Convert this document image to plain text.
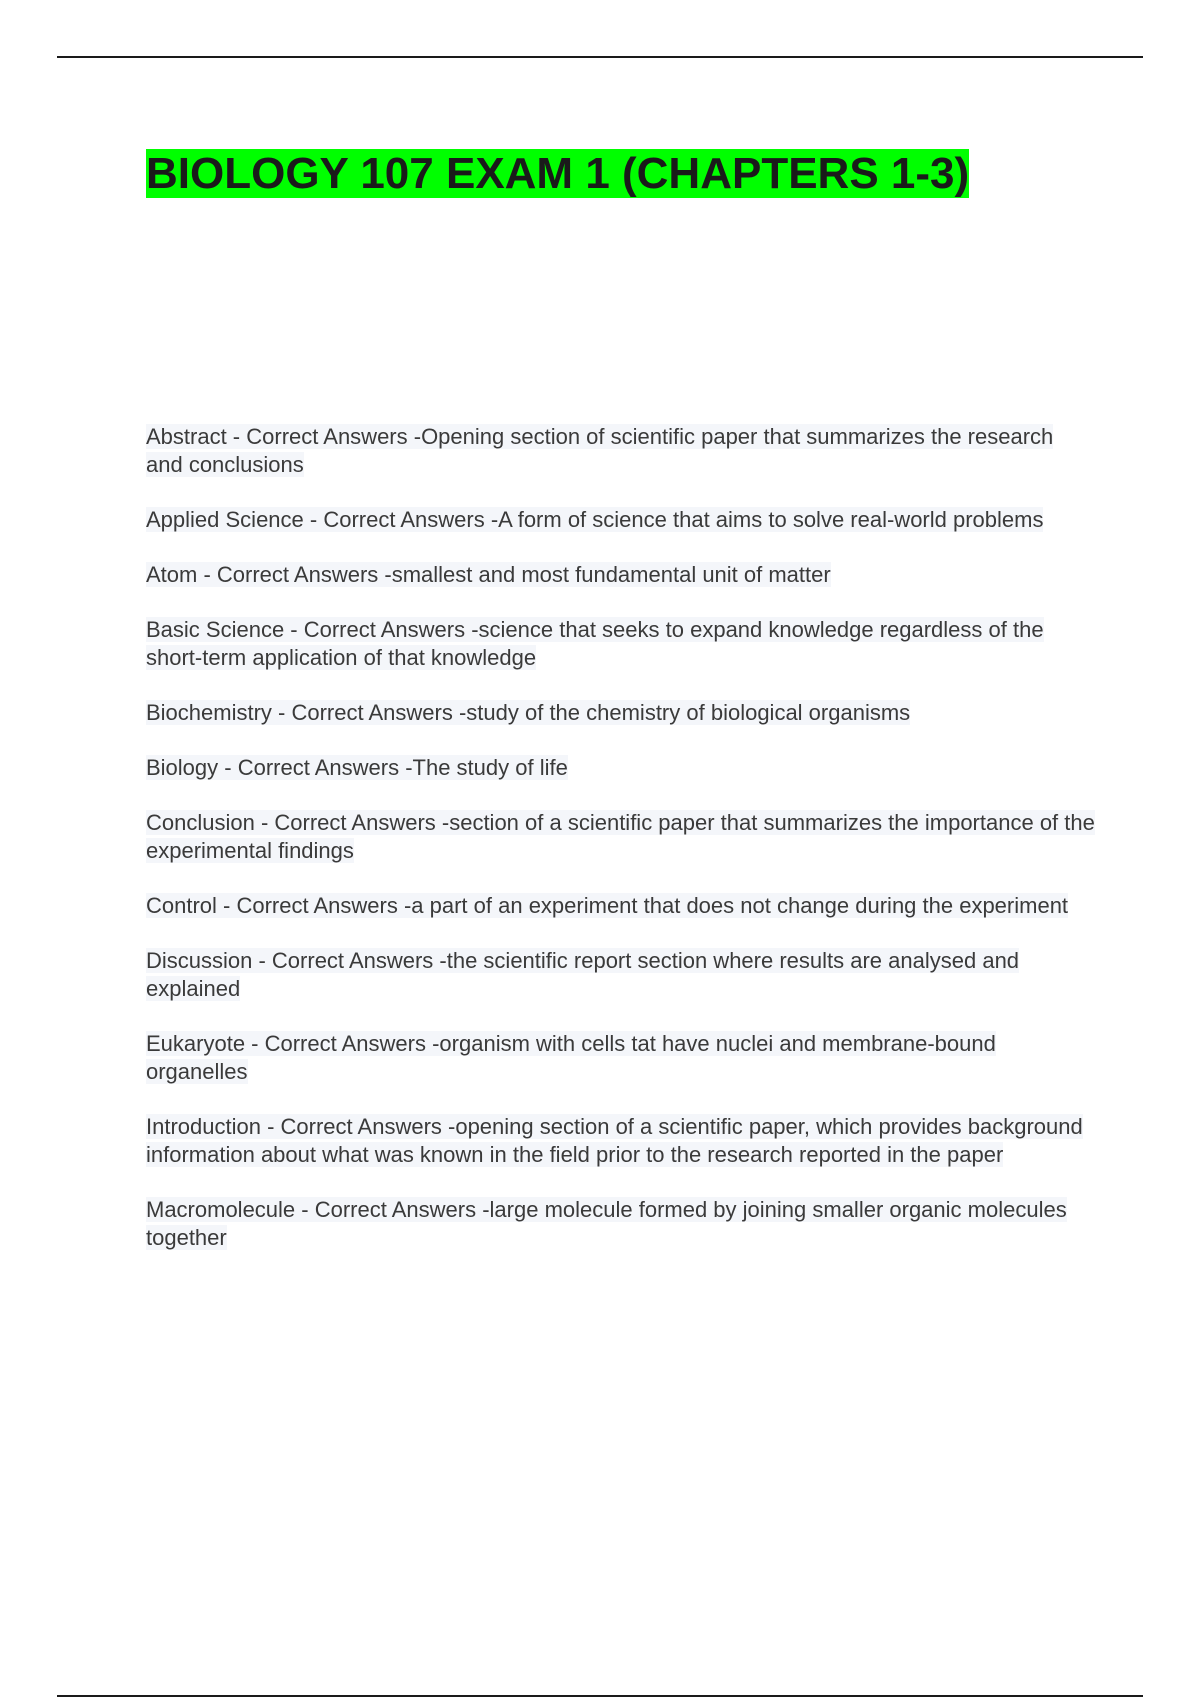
BIOLOGY 107 EXAM 1 (CHAPTERS 1-3)
Abstract - Correct Answers -Opening section of scientific paper that summarizes the research and conclusions
Applied Science - Correct Answers -A form of science that aims to solve real-world problems
Atom - Correct Answers -smallest and most fundamental unit of matter
Basic Science - Correct Answers -science that seeks to expand knowledge regardless of the short-term application of that knowledge
Biochemistry - Correct Answers -study of the chemistry of biological organisms
Biology - Correct Answers -The study of life
Conclusion - Correct Answers -section of a scientific paper that summarizes the importance of the experimental findings
Control - Correct Answers -a part of an experiment that does not change during the experiment
Discussion - Correct Answers -the scientific report section where results are analysed and explained
Eukaryote - Correct Answers -organism with cells tat have nuclei and membrane-bound organelles
Introduction - Correct Answers -opening section of a scientific paper, which provides background information about what was known in the field prior to the research reported in the paper
Macromolecule - Correct Answers -large molecule formed by joining smaller organic molecules together
